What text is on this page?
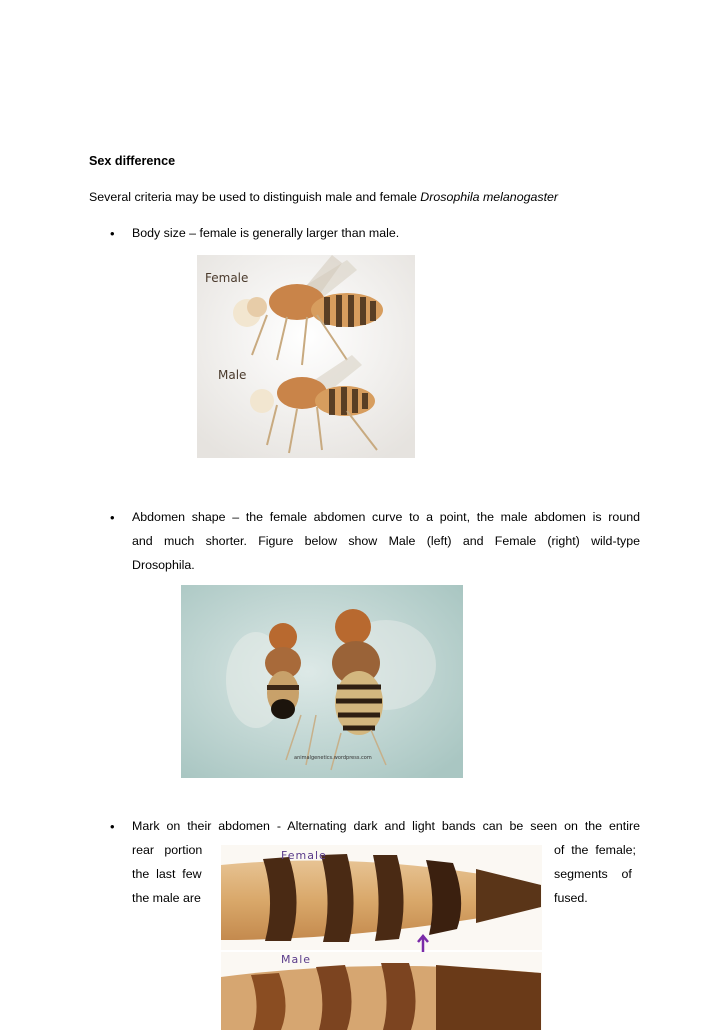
Sex difference
Several criteria may be used to distinguish male and female Drosophila melanogaster
• Body size – female is generally larger than male.
Female
Male
• Abdomen shape – the female abdomen curve to a point, the male abdomen is round
and much shorter. Figure below show Male (left) and Female (right) wild-type
Drosophila.
animalgenetics.wordpress.com
• Mark on their abdomen - Alternating dark and light bands can be seen on the entire
rear   portion
the  last  few
the male are
of  the  female;
segments    of
fused.
Female
Male
